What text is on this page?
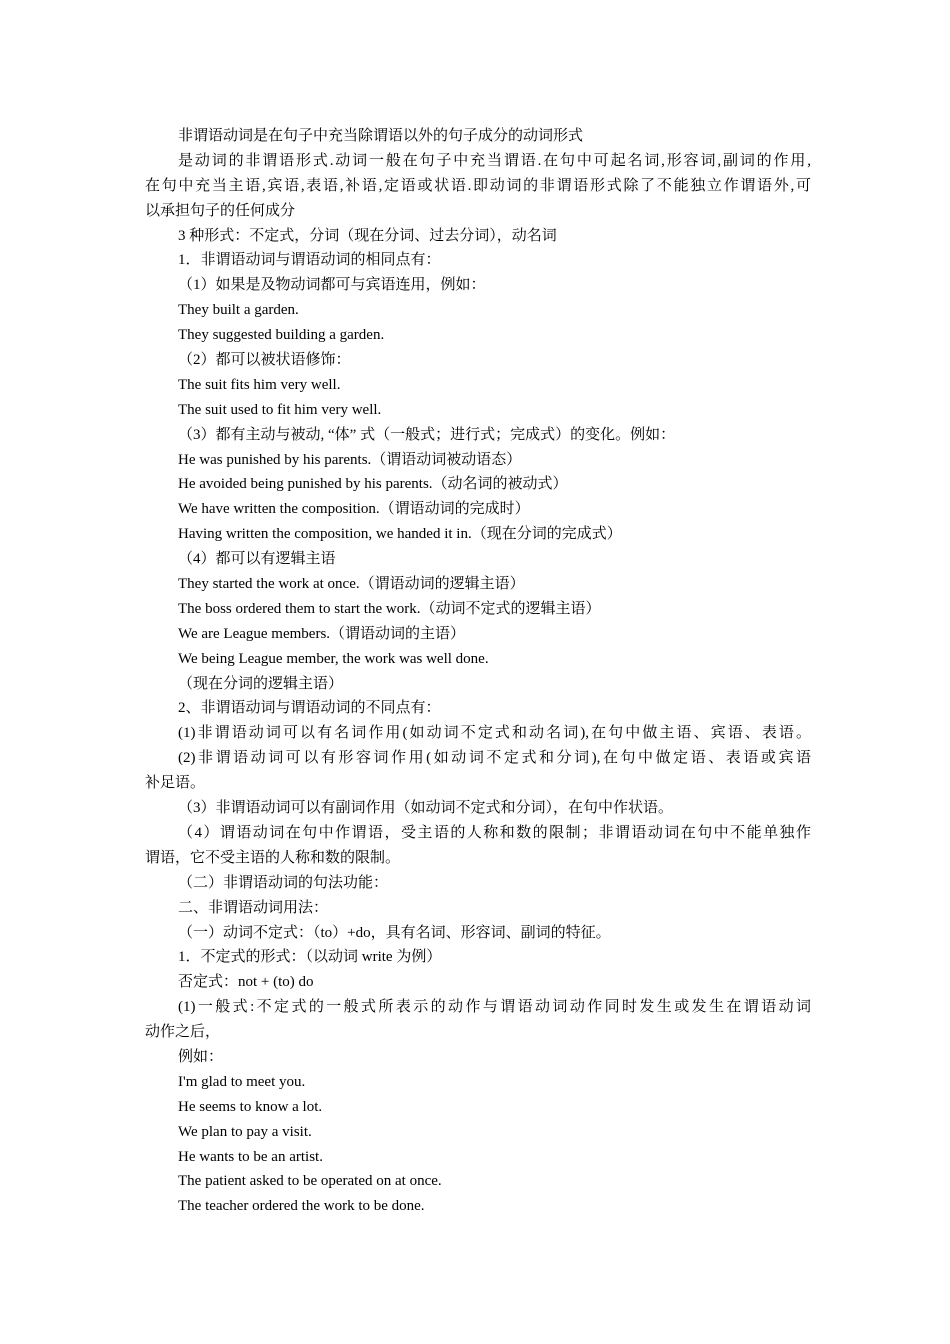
非谓语动词是在句子中充当除谓语以外的句子成分的动词形式
是动词的非谓语形式.动词一般在句子中充当谓语.在句中可起名词,形容词,副词的作用,
在句中充当主语,宾语,表语,补语,定语或状语.即动词的非谓语形式除了不能独立作谓语外,可
以承担句子的任何成分
3 种形式：不定式，分词（现在分词、过去分词），动名词
1．非谓语动词与谓语动词的相同点有：
（1）如果是及物动词都可与宾语连用，例如：
They built a garden.
They suggested building a garden.
（2）都可以被状语修饰：
The suit fits him very well.
The suit used to fit him very well.
（3）都有主动与被动, “体” 式（一般式；进行式；完成式）的变化。例如：
He was punished by his parents.（谓语动词被动语态）
He avoided being punished by his parents.（动名词的被动式）
We have written the composition.（谓语动词的完成时）
Having written the composition, we handed it in.（现在分词的完成式）
（4）都可以有逻辑主语
They started the work at once.（谓语动词的逻辑主语）
The boss ordered them to start the work.（动词不定式的逻辑主语）
We are League members.（谓语动词的主语）
We being League member, the work was well done.
（现在分词的逻辑主语）
2、非谓语动词与谓语动词的不同点有：
(1)非谓语动词可以有名词作用(如动词不定式和动名词),在句中做主语、宾语、表语。
(2)非谓语动词可以有形容词作用(如动词不定式和分词),在句中做定语、表语或宾语
补足语。
（3）非谓语动词可以有副词作用（如动词不定式和分词），在句中作状语。
（4）谓语动词在句中作谓语，受主语的人称和数的限制；非谓语动词在句中不能单独作
谓语，它不受主语的人称和数的限制。
（二）非谓语动词的句法功能：
二、非谓语动词用法：
（一）动词不定式：（to）+do，具有名词、形容词、副词的特征。
1．不定式的形式：（以动词 write 为例）
否定式：not + (to) do
(1)一般式:不定式的一般式所表示的动作与谓语动词动作同时发生或发生在谓语动词
动作之后，
例如：
I'm glad to meet you.
He seems to know a lot.
We plan to pay a visit.
He wants to be an artist.
The patient asked to be operated on at once.
The teacher ordered the work to be done.
